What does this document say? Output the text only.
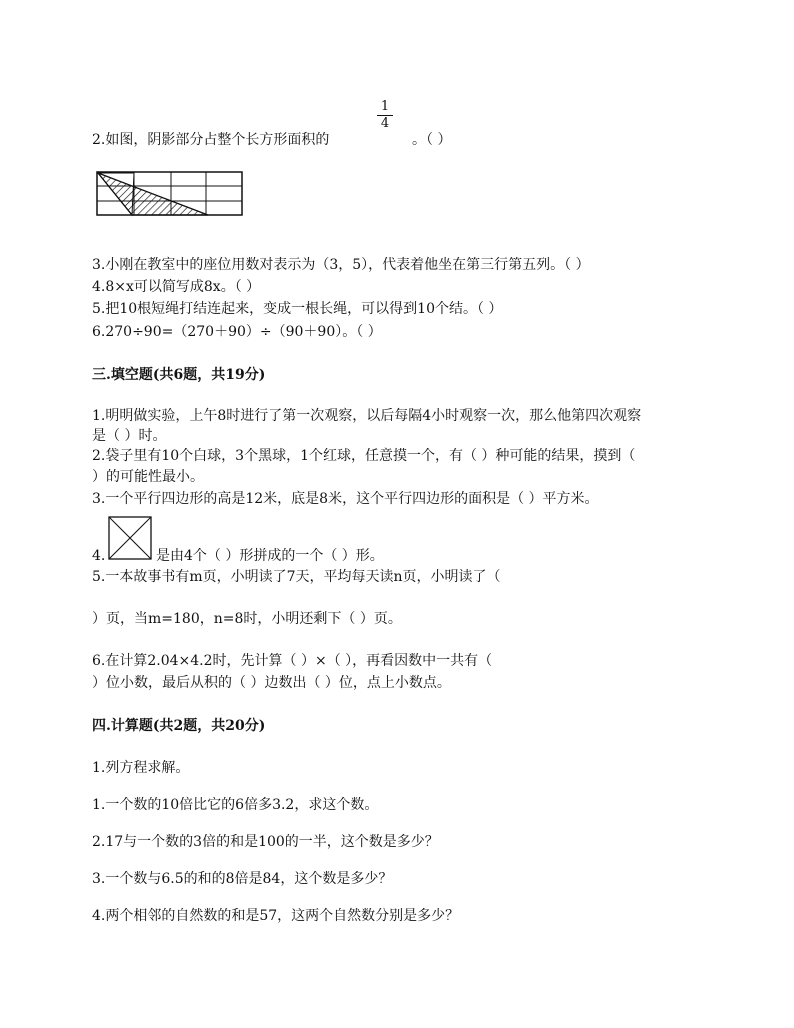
2.如图，阴影部分占整个长方形面积的
1
4
。（ ）
3.小刚在教室中的座位用数对表示为（3，5），代表着他坐在第三行第五列。（ ）
4.8×x可以简写成8x。（ ）
5.把10根短绳打结连起来，变成一根长绳，可以得到10个结。（ ）
6.270÷90=（270＋90）÷（90＋90）。（ ）
三.填空题(共6题，共19分)
1.明明做实验，上午8时进行了第一次观察，以后每隔4小时观察一次，那么他第四次观察
是（ ）时。
2.袋子里有10个白球，3个黑球，1个红球，任意摸一个，有（ ）种可能的结果，摸到（
）的可能性最小。
3.一个平行四边形的高是12米，底是8米，这个平行四边形的面积是（ ）平方米。
4.	是由4个（ ）形拼成的一个（ ）形。
5.一本故事书有m页，小明读了7天，平均每天读n页，小明读了（
）页，当m=180，n=8时，小明还剩下（ ）页。
6.在计算2.04×4.2时，先计算（ ）×（ ），再看因数中一共有（
）位小数，最后从积的（ ）边数出（ ）位，点上小数点。
四.计算题(共2题，共20分)
1.列方程求解。
1.一个数的10倍比它的6倍多3.2，求这个数。
2.17与一个数的3倍的和是100的一半，这个数是多少？
3.一个数与6.5的和的8倍是84，这个数是多少？
4.两个相邻的自然数的和是57，这两个自然数分别是多少？
